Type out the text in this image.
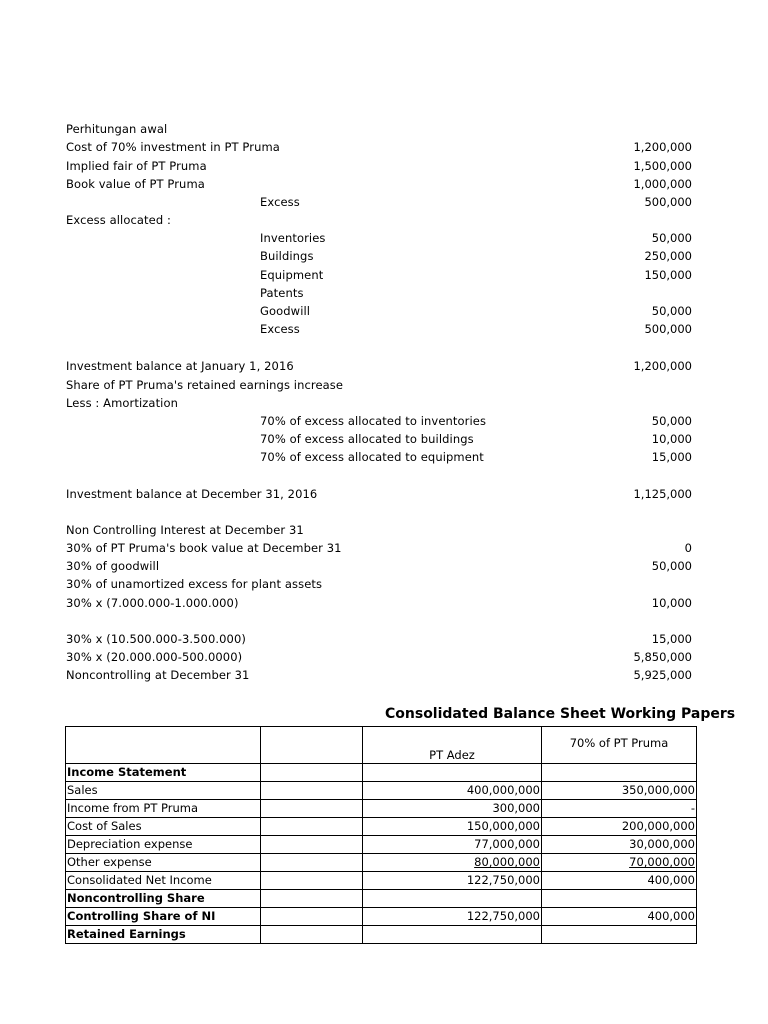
Perhitungan awal
Cost of 70% investment in PT Pruma	1,200,000
Implied fair of PT Pruma	1,500,000
Book value of PT Pruma	1,000,000
Excess	500,000
Excess allocated :
Inventories	50,000
Buildings	250,000
Equipment	150,000
Patents
Goodwill	50,000
Excess	500,000
Investment balance at January 1, 2016	1,200,000
Share of PT Pruma's retained earnings increase
Less : Amortization
70% of excess allocated to inventories	50,000
70% of excess allocated to buildings	10,000
70% of excess allocated to equipment	15,000
Investment balance at December 31, 2016	1,125,000
Non Controlling Interest at December 31
30% of PT Pruma's book value at December 31	0
30% of goodwill	50,000
30% of unamortized excess for plant assets
30% x (7.000.000-1.000.000)	10,000
30% x (10.500.000-3.500.000)	15,000
30% x (20.000.000-500.0000)	5,850,000
Noncontrolling at December 31	5,925,000
Consolidated Balance Sheet Working Papers
		PT Adez	70% of PT Pruma
Income Statement			
Sales		400,000,000	350,000,000
Income from PT Pruma		300,000	-
Cost of Sales		150,000,000	200,000,000
Depreciation expense		77,000,000	30,000,000
Other expense		80,000,000	70,000,000
Consolidated Net Income		122,750,000	400,000
Noncontrolling Share			
Controlling Share of NI		122,750,000	400,000
Retained Earnings			
